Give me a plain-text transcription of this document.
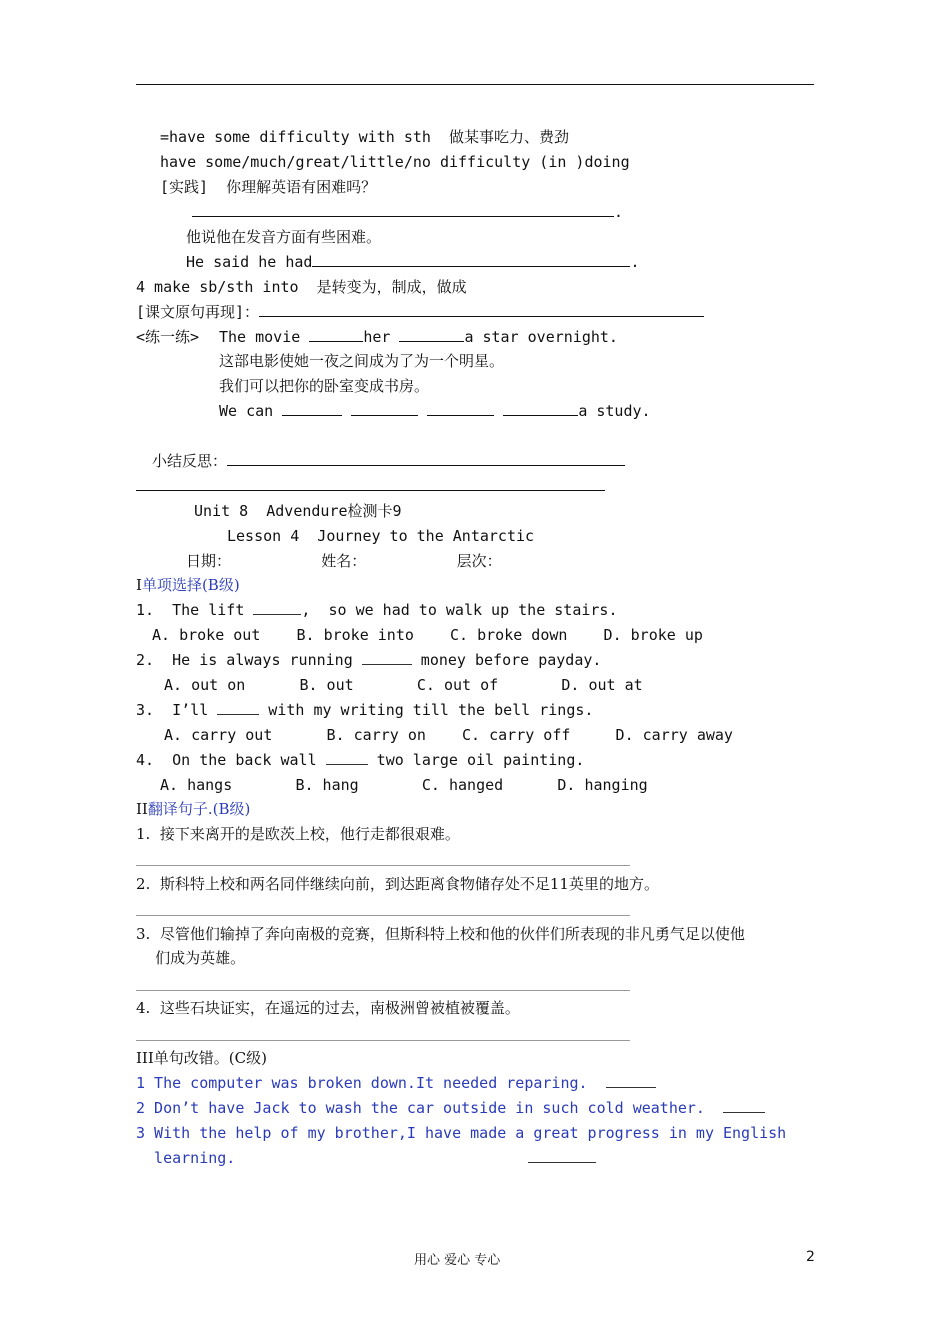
=have some difficulty with sth  做某事吃力、费劲
have some/much/great/little/no difficulty (in )doing
[实践]  你理解英语有困难吗？
.
他说他在发音方面有些困难。
He said he had	.
4 make sb/sth into  是转变为，制成，做成
[课文原句再现]：
<练一练> The movie	her	a star overnight.
这部电影使她一夜之间成为了为一个明星。
我们可以把你的卧室变成书房。
We can	a study.
小结反思：
Unit 8  Advendure检测卡9
Lesson 4  Journey to the Antarctic
日期：          姓名：          层次：
I单项选择(B级)
1.  The lift	,  so we had to walk up the stairs.
A. broke out    B. broke into    C. broke down    D. broke up
2.  He is always running	money before payday.
A. out on      B. out       C. out of       D. out at
3.  I’ll	with my writing till the bell rings.
A. carry out      B. carry on    C. carry off     D. carry away
4.  On the back wall	two large oil painting.
A. hangs       B. hang       C. hanged      D. hanging
II翻译句子.(B级)
1.  接下来离开的是欧茨上校，他行走都很艰难。
2.  斯科特上校和两名同伴继续向前，到达距离食物储存处不足11英里的地方。
3.  尽管他们输掉了奔向南极的竞赛，但斯科特上校和他的伙伴们所表现的非凡勇气足以使他
们成为英雄。
4.  这些石块证实，在遥远的过去，南极洲曾被植被覆盖。
III单句改错。(C级)
1 The computer was broken down.It needed reparing.
2 Don’t have Jack to wash the car outside in such cold weather.
3 With the help of my brother,I have made a great progress in my English
learning.
用心 爱心 专心	2
